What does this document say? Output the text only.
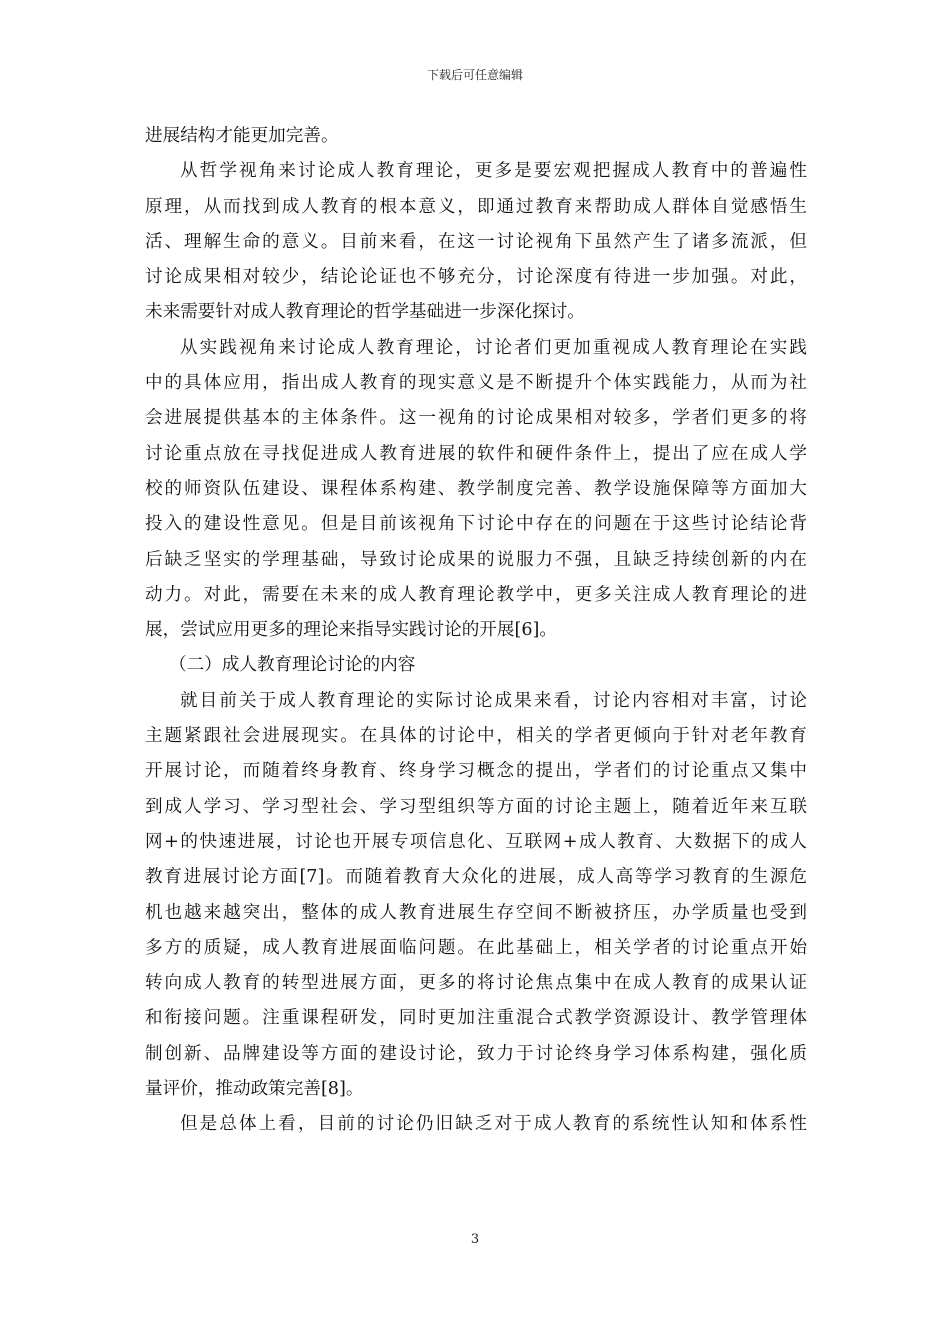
下载后可任意编辑
进展结构才能更加完善。
从哲学视角来讨论成人教育理论，更多是要宏观把握成人教育中的普遍性
原理，从而找到成人教育的根本意义，即通过教育来帮助成人群体自觉感悟生
活、理解生命的意义。目前来看，在这一讨论视角下虽然产生了诸多流派，但
讨论成果相对较少，结论论证也不够充分，讨论深度有待进一步加强。对此，
未来需要针对成人教育理论的哲学基础进一步深化探讨。
从实践视角来讨论成人教育理论，讨论者们更加重视成人教育理论在实践
中的具体应用，指出成人教育的现实意义是不断提升个体实践能力，从而为社
会进展提供基本的主体条件。这一视角的讨论成果相对较多，学者们更多的将
讨论重点放在寻找促进成人教育进展的软件和硬件条件上，提出了应在成人学
校的师资队伍建设、课程体系构建、教学制度完善、教学设施保障等方面加大
投入的建设性意见。但是目前该视角下讨论中存在的问题在于这些讨论结论背
后缺乏坚实的学理基础，导致讨论成果的说服力不强，且缺乏持续创新的内在
动力。对此，需要在未来的成人教育理论教学中，更多关注成人教育理论的进
展，尝试应用更多的理论来指导实践讨论的开展[6]。
（二）成人教育理论讨论的内容
就目前关于成人教育理论的实际讨论成果来看，讨论内容相对丰富，讨论
主题紧跟社会进展现实。在具体的讨论中，相关的学者更倾向于针对老年教育
开展讨论，而随着终身教育、终身学习概念的提出，学者们的讨论重点又集中
到成人学习、学习型社会、学习型组织等方面的讨论主题上，随着近年来互联
网+的快速进展，讨论也开展专项信息化、互联网+成人教育、大数据下的成人
教育进展讨论方面[7]。而随着教育大众化的进展，成人高等学习教育的生源危
机也越来越突出，整体的成人教育进展生存空间不断被挤压，办学质量也受到
多方的质疑，成人教育进展面临问题。在此基础上，相关学者的讨论重点开始
转向成人教育的转型进展方面，更多的将讨论焦点集中在成人教育的成果认证
和衔接问题。注重课程研发，同时更加注重混合式教学资源设计、教学管理体
制创新、品牌建设等方面的建设讨论，致力于讨论终身学习体系构建，强化质
量评价，推动政策完善[8]。
但是总体上看，目前的讨论仍旧缺乏对于成人教育的系统性认知和体系性
3
